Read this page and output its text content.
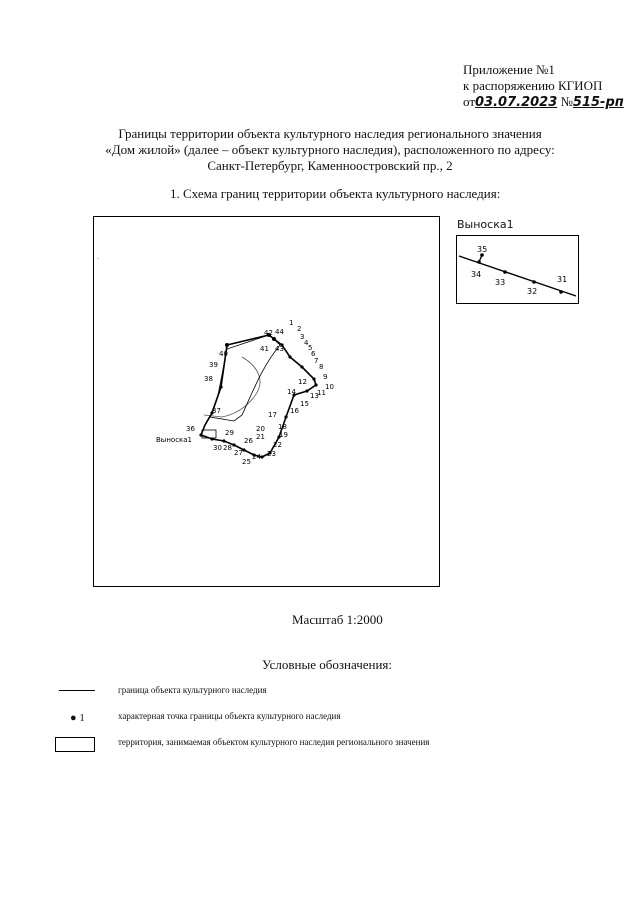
Приложение №1
к распоряжению КГИОП
от03.07.2023 №515-рп
Границы территории объекта культурного наследия регионального значения
«Дом жилой» (далее – объект культурного наследия), расположенного по адресу:
Санкт-Петербург, Каменноостровский пр., 2
1. Схема границ территории объекта культурного наследия:
1
42 44 2
3
4
5
6
7
8
9
10
11
12
13
14
15
16
17
18
19
20
21
22
23
24
25
26
27
28
29
30
36
37
38
39
40
41 43
Выноска1
.
Выноска1
35
34
33
32
31
Масштаб 1:2000
Условные обозначения:
граница объекта культурного наследия
● 1	характерная точка границы объекта культурного наследия
территория, занимаемая объектом культурного наследия регионального значения
